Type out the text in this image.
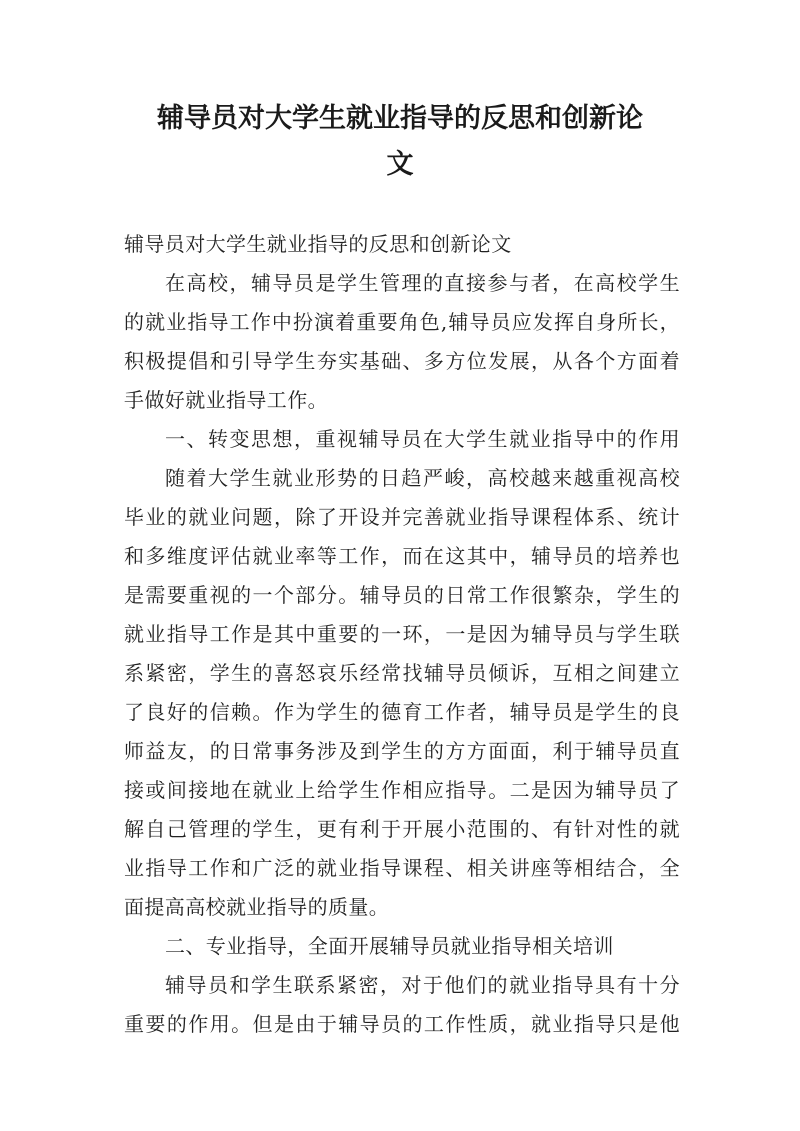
辅导员对大学生就业指导的反思和创新论
文
辅导员对大学生就业指导的反思和创新论文
在高校，辅导员是学生管理的直接参与者，在高校学生
的就业指导工作中扮演着重要角色,辅导员应发挥自身所长，
积极提倡和引导学生夯实基础、多方位发展，从各个方面着
手做好就业指导工作。
一、转变思想，重视辅导员在大学生就业指导中的作用
随着大学生就业形势的日趋严峻，高校越来越重视高校
毕业的就业问题，除了开设并完善就业指导课程体系、统计
和多维度评估就业率等工作，而在这其中，辅导员的培养也
是需要重视的一个部分。辅导员的日常工作很繁杂，学生的
就业指导工作是其中重要的一环，一是因为辅导员与学生联
系紧密，学生的喜怒哀乐经常找辅导员倾诉，互相之间建立
了良好的信赖。作为学生的德育工作者，辅导员是学生的良
师益友，的日常事务涉及到学生的方方面面，利于辅导员直
接或间接地在就业上给学生作相应指导。二是因为辅导员了
解自己管理的学生，更有利于开展小范围的、有针对性的就
业指导工作和广泛的就业指导课程、相关讲座等相结合，全
面提高高校就业指导的质量。
二、专业指导，全面开展辅导员就业指导相关培训
辅导员和学生联系紧密，对于他们的就业指导具有十分
重要的作用。但是由于辅导员的工作性质，就业指导只是他
